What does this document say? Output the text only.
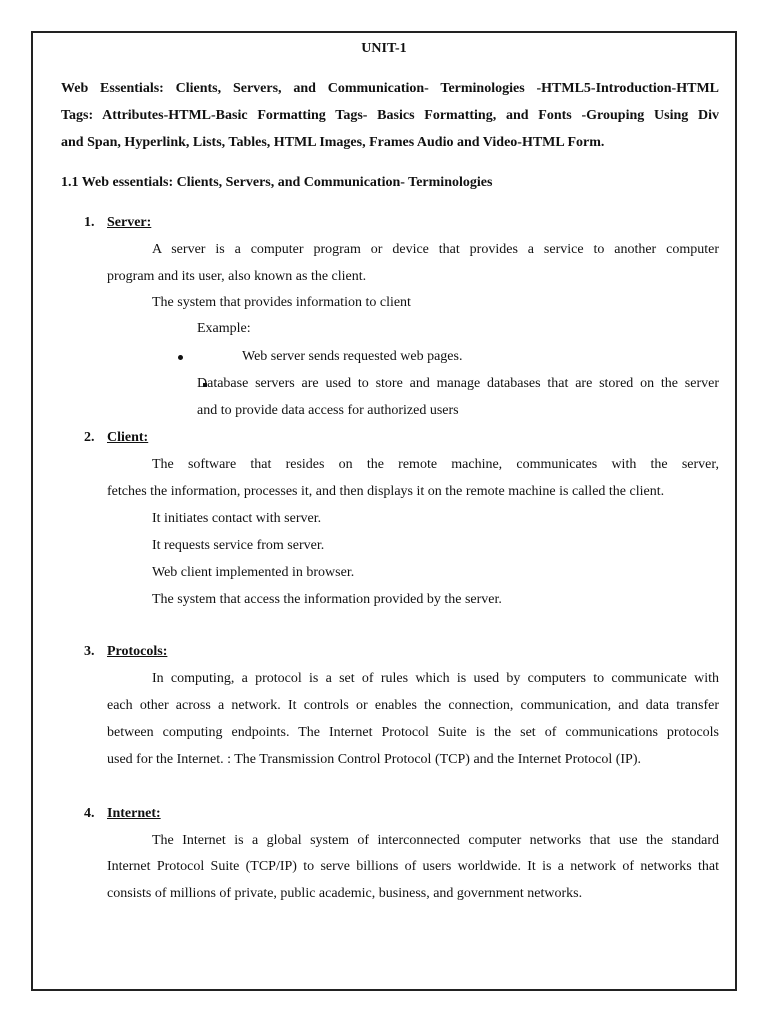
UNIT-1
Web Essentials: Clients, Servers, and Communication- Terminologies -HTML5-Introduction-HTML
Tags: Attributes-HTML-Basic Formatting Tags- Basics Formatting, and Fonts -Grouping Using Div
and Span, Hyperlink, Lists, Tables, HTML Images, Frames Audio and Video-HTML Form.
1.1 Web essentials: Clients, Servers, and Communication- Terminologies
1. Server:
A server is a computer program or device that provides a service to another computer
program and its user, also known as the client.
The system that provides information to client
Example:
Web server sends requested web pages.
Database servers are used to store and manage databases that are stored on the server
and to provide data access for authorized users
2. Client:
The software that resides on the remote machine, communicates with the server,
fetches the information, processes it, and then displays it on the remote machine is called the client.
It initiates contact with server.
It requests service from server.
Web client implemented in browser.
The system that access the information provided by the server.
3. Protocols:
In computing, a protocol is a set of rules which is used by computers to communicate with
each other across a network. It controls or enables the connection, communication, and data transfer
between computing endpoints. The Internet Protocol Suite is the set of communications protocols
used for the Internet. : The Transmission Control Protocol (TCP) and the Internet Protocol (IP).
4. Internet:
The Internet is a global system of interconnected computer networks that use the standard
Internet Protocol Suite (TCP/IP) to serve billions of users worldwide. It is a network of networks that
consists of millions of private, public academic, business, and government networks.
